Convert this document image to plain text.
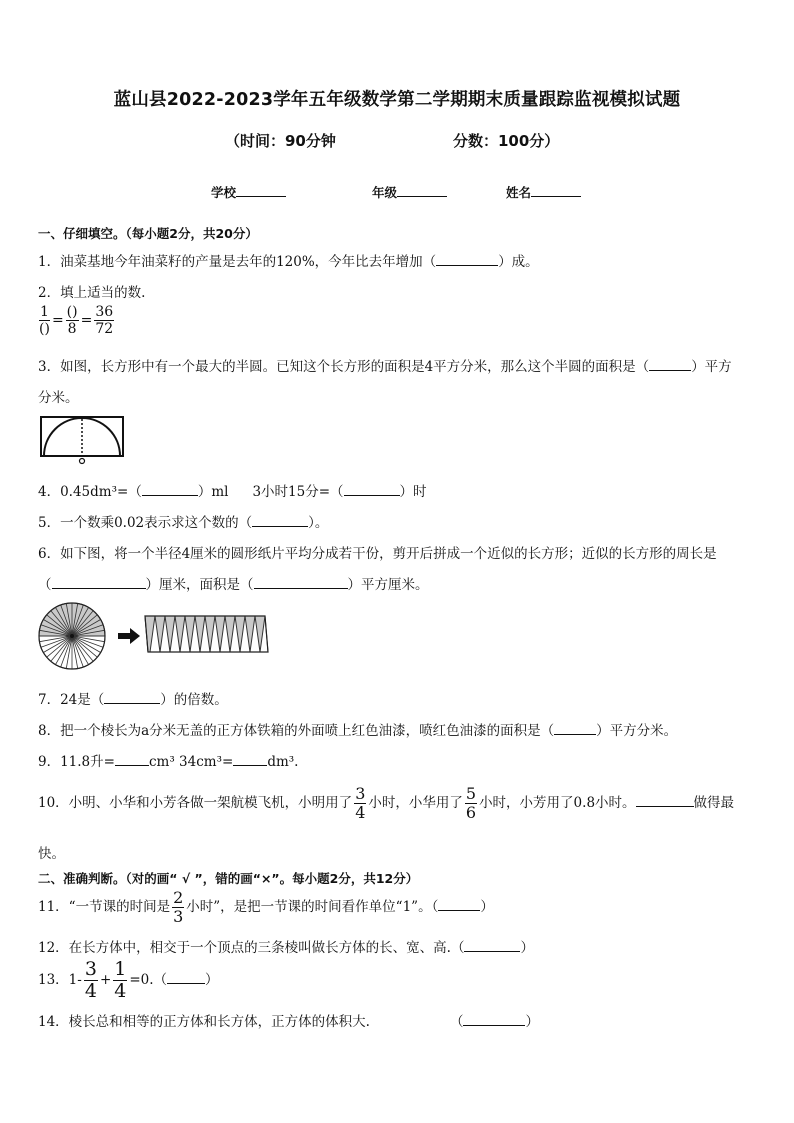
蓝山县2022-2023学年五年级数学第二学期期末质量跟踪监视模拟试题
（时间：90分钟	分数：100分）
学校	年级	姓名
一、仔细填空。（每小题2分，共20分）
1．油菜基地今年油菜籽的产量是去年的120%，今年比去年增加（	）成。
2．填上适当的数.
$\frac{1}{()} = \frac{()}{8} = \frac{36}{72}$
3．如图，长方形中有一个最大的半圆。已知这个长方形的面积是4平方分米，那么这个半圆的面积是（	）平方
分米。
4．0.45dm³=（	）ml 3小时15分=（	）时
5．一个数乘0.02表示求这个数的（	）。
6．如下图，将一个半径4厘米的圆形纸片平均分成若干份，剪开后拼成一个近似的长方形；近似的长方形的周长是
（	）厘米，面积是（	）平方厘米。
7．24是（	）的倍数。
8．把一个棱长为a分米无盖的正方体铁箱的外面喷上红色油漆，喷红色油漆的面积是（	）平方分米。
9．11.8升=	cm³ 34cm³=	dm³.
10．小明、小华和小芳各做一架航模飞机，小明用了 $\frac{3}{4}$ 小时，小华用了 $\frac{5}{6}$ 小时，小芳用了0.8小时。	做得最
快。
二、准确判断。（对的画“ √ ”，错的画“×”。每小题2分，共12分）
11．“一节课的时间是 $\frac{2}{3}$ 小时”，是把一节课的时间看作单位“1”。（	）
12．在长方体中，相交于一个顶点的三条棱叫做长方体的长、宽、高.（	）
13．$1- \frac{3}{4} + \frac{1}{4} =0$.（	）
14．棱长总和相等的正方体和长方体，正方体的体积大.	（	）
